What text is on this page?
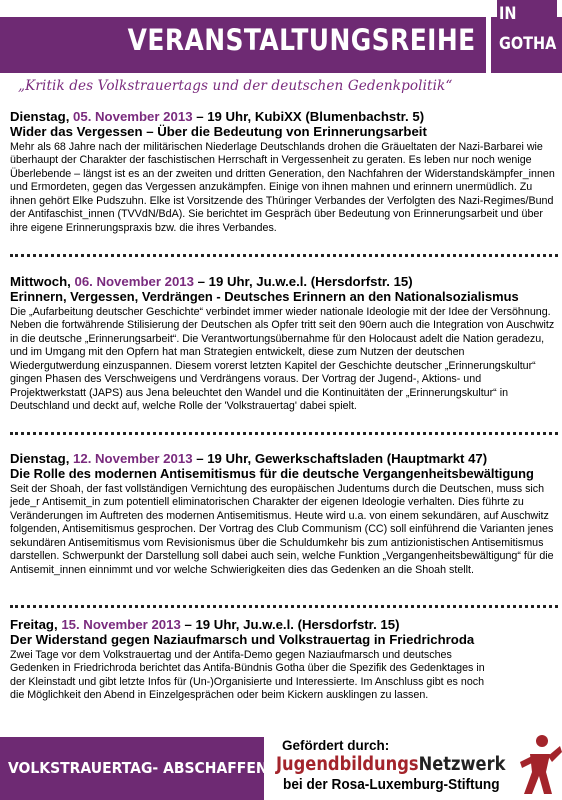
VERANSTALTUNGSREIHE
IN
GOTHA
„Kritik des Volkstrauertags und der deutschen Gedenkpolitik“
Dienstag, 05. November 2013 – 19 Uhr, KubiXX (Blumenbachstr. 5)
Wider das Vergessen – Über die Bedeutung von Erinnerungsarbeit
Mehr als 68 Jahre nach der militärischen Niederlage Deutschlands drohen die Gräueltaten der Nazi-Barbarei wie überhaupt der Charakter der faschistischen Herrschaft in Vergessenheit zu geraten. Es leben nur noch wenige Überlebende – längst ist es an der zweiten und dritten Generation, den Nachfahren der Widerstandskämpfer_innen und Ermordeten, gegen das Vergessen anzukämpfen. Einige von ihnen mahnen und erinnern unermüdlich. Zu ihnen gehört Elke Pudszuhn. Elke ist Vorsitzende des Thüringer Verbandes der Verfolgten des Nazi-Regimes/Bund der Antifaschist_innen (TVVdN/BdA). Sie berichtet im Gespräch über Bedeutung von Erinnerungsarbeit und über ihre eigene Erinnerungspraxis bzw. die ihres Verbandes.
Mittwoch, 06. November 2013 – 19 Uhr, Ju.w.e.l. (Hersdorfstr. 15)
Erinnern, Vergessen, Verdrängen - Deutsches Erinnern an den Nationalsozialismus
Die „Aufarbeitung deutscher Geschichte“ verbindet immer wieder nationale Ideologie mit der Idee der Versöhnung. Neben die fortwährende Stilisierung der Deutschen als Opfer tritt seit den 90ern auch die Integration von Auschwitz in die deutsche „Erinnerungsarbeit“. Die Verantwortungsübernahme für den Holocaust adelt die Nation geradezu, und im Umgang mit den Opfern hat man Strategien entwickelt, diese zum Nutzen der deutschen Wiedergutwerdung einzuspannen. Diesem vorerst letzten Kapitel der Geschichte deutscher „Erinnerungskultur“ gingen Phasen des Verschweigens und Verdrängens voraus. Der Vortrag der Jugend-, Aktions- und Projektwerkstatt (JAPS) aus Jena beleuchtet den Wandel und die Kontinuitäten der „Erinnerungskultur“ in Deutschland und deckt auf, welche Rolle der 'Volkstrauertag' dabei spielt.
Dienstag, 12. November 2013 – 19 Uhr, Gewerkschaftsladen (Hauptmarkt 47)
Die Rolle des modernen Antisemitismus für die deutsche Vergangenheitsbewältigung
Seit der Shoah, der fast vollständigen Vernichtung des europäischen Judentums durch die Deutschen, muss sich jede_r Antisemit_in zum potentiell eliminatorischen Charakter der eigenen Ideologie verhalten. Dies führte zu Veränderungen im Auftreten des modernen Antisemitismus. Heute wird u.a. von einem sekundären, auf Auschwitz folgenden, Antisemitismus gesprochen. Der Vortrag des Club Communism (CC) soll einführend die Varianten jenes sekundären Antisemitismus vom Revisionismus über die Schuldumkehr bis zum antizionistischen Antisemitismus darstellen. Schwerpunkt der Darstellung soll dabei auch sein, welche Funktion „Vergangenheitsbewältigung“ für die Antisemit_innen einnimmt und vor welche Schwierigkeiten dies das Gedenken an die Shoah stellt.
Freitag, 15. November 2013 – 19 Uhr, Ju.w.e.l. (Hersdorfstr. 15)
Der Widerstand gegen Naziaufmarsch und Volkstrauertag in Friedrichroda
Zwei Tage vor dem Volkstrauertag und der Antifa-Demo gegen Naziaufmarsch und deutsches Gedenken in Friedrichroda berichtet das Antifa-Bündnis Gotha über die Spezifik des Gedenktages in der Kleinstadt und gibt letzte Infos für (Un-)Organisierte und Interessierte. Im Anschluss gibt es noch die Möglichkeit den Abend in Einzelgesprächen oder beim Kickern ausklingen zu lassen.
VOLKSTRAUERTAG- ABSCHAFFEN.TK
Gefördert durch:
JugendbildungsNetzwerk
bei der Rosa-Luxemburg-Stiftung
